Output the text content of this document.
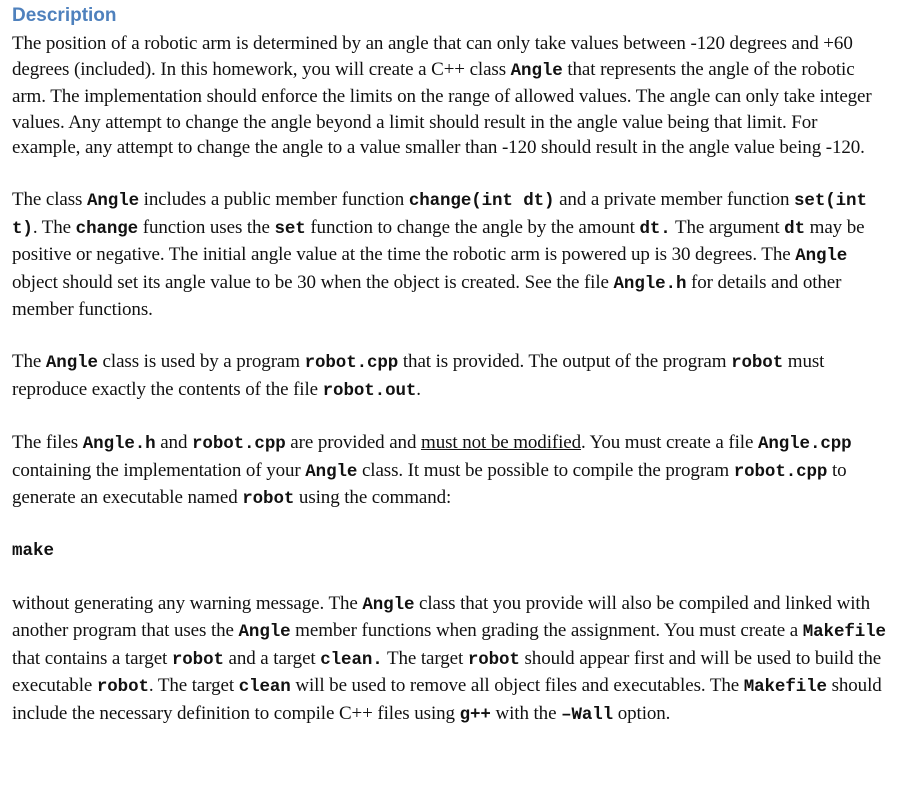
Description

The position of a robotic arm is determined by an angle that can only take values between -120 degrees and +60 degrees (included). In this homework, you will create a C++ class Angle that represents the angle of the robotic arm. The implementation should enforce the limits on the range of allowed values. The angle can only take integer values. Any attempt to change the angle beyond a limit should result in the angle value being that limit. For example, any attempt to change the angle to a value smaller than -120 should result in the angle value being -120.

The class Angle includes a public member function change(int dt) and a private member function set(int t). The change function uses the set function to change the angle by the amount dt. The argument dt may be positive or negative. The initial angle value at the time the robotic arm is powered up is 30 degrees. The Angle object should set its angle value to be 30 when the object is created. See the file Angle.h for details and other member functions.

The Angle class is used by a program robot.cpp that is provided. The output of the program robot must reproduce exactly the contents of the file robot.out.

The files Angle.h and robot.cpp are provided and must not be modified. You must create a file Angle.cpp containing the implementation of your Angle class. It must be possible to compile the program robot.cpp to generate an executable named robot using the command:

make

without generating any warning message. The Angle class that you provide will also be compiled and linked with another program that uses the Angle member functions when grading the assignment. You must create a Makefile that contains a target robot and a target clean. The target robot should appear first and will be used to build the executable robot. The target clean will be used to remove all object files and executables. The Makefile should include the necessary definition to compile C++ files using g++ with the –Wall option.
